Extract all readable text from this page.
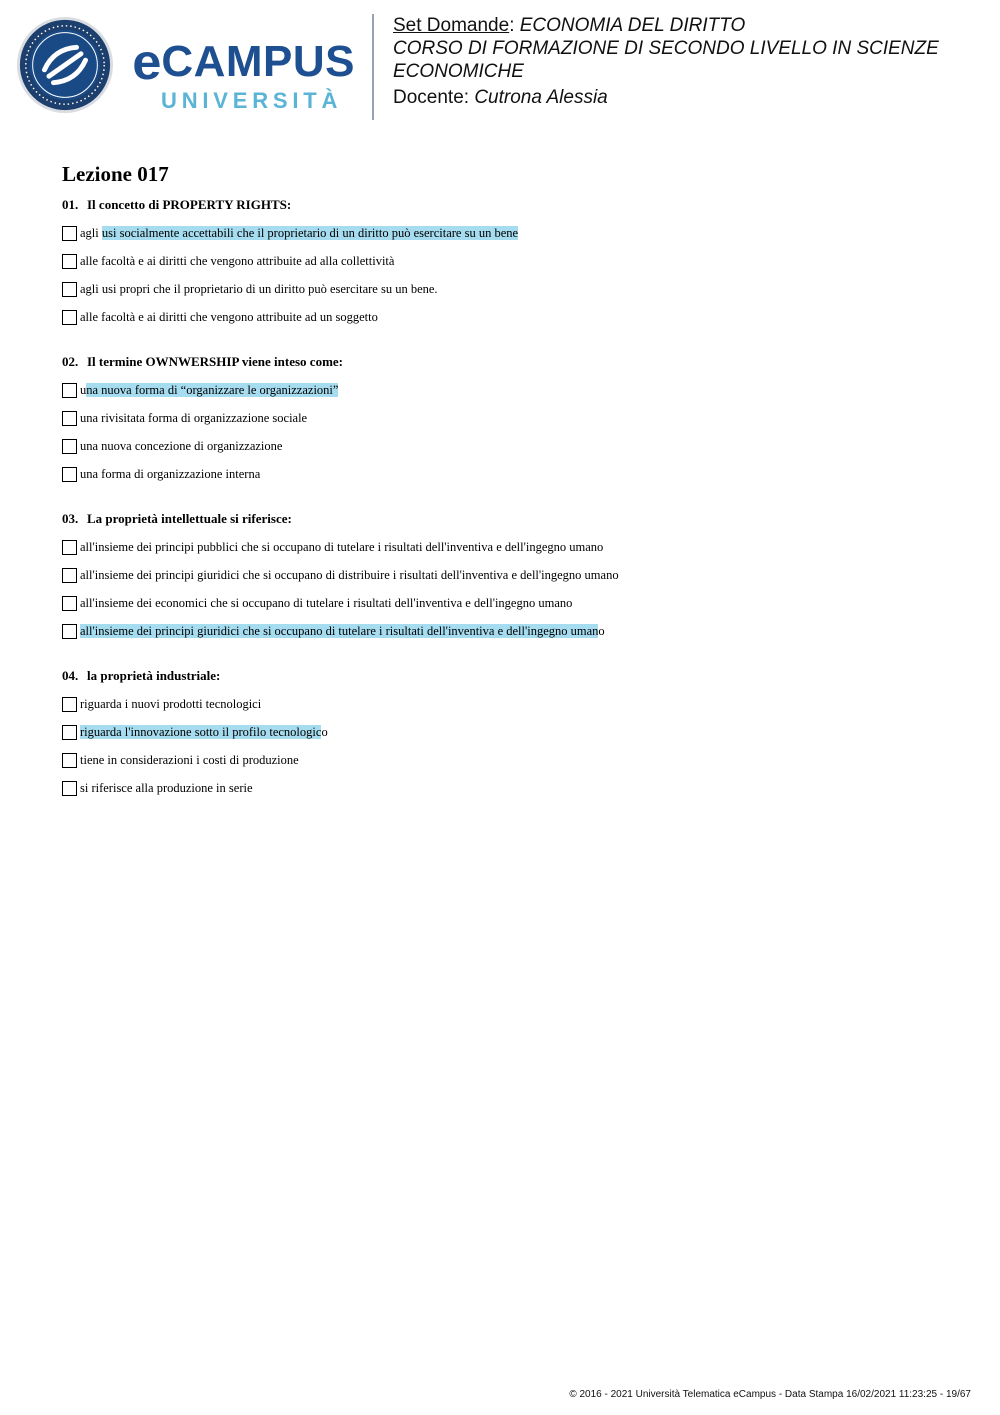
e CAMPUS
UNIVERSITÀ

Set Domande: ECONOMIA DEL DIRITTO

CORSO DI FORMAZIONE DI SECONDO LIVELLO IN SCIENZE ECONOMICHE

Docente: Cutrona Alessia

Lezione 017
01. Il concetto di PROPERTY RIGHTS:
agli usi socialmente accettabili che il proprietario di un diritto può esercitare su un bene
alle facoltà e ai diritti che vengono attribuite ad alla collettività
agli usi propri che il proprietario di un diritto può esercitare su un bene.
alle facoltà e ai diritti che vengono attribuite ad un soggetto
02. Il termine OWNWERSHIP viene inteso come:
una nuova forma di “organizzare le organizzazioni”
una rivisitata forma di organizzazione sociale
una nuova concezione di organizzazione
una forma di organizzazione interna
03. La proprietà intellettuale si riferisce:
all'insieme dei principi pubblici che si occupano di tutelare i risultati dell'inventiva e dell'ingegno umano
all'insieme dei principi giuridici che si occupano di distribuire i risultati dell'inventiva e dell'ingegno umano
all'insieme dei economici che si occupano di tutelare i risultati dell'inventiva e dell'ingegno umano
all'insieme dei principi giuridici che si occupano di tutelare i risultati dell'inventiva e dell'ingegno umano
04. la proprietà industriale:
riguarda i nuovi prodotti tecnologici
riguarda l'innovazione sotto il profilo tecnologico
tiene in considerazioni i costi di produzione
si riferisce alla produzione in serie
© 2016 - 2021 Università Telematica eCampus - Data Stampa 16/02/2021 11:23:25 - 19/67
